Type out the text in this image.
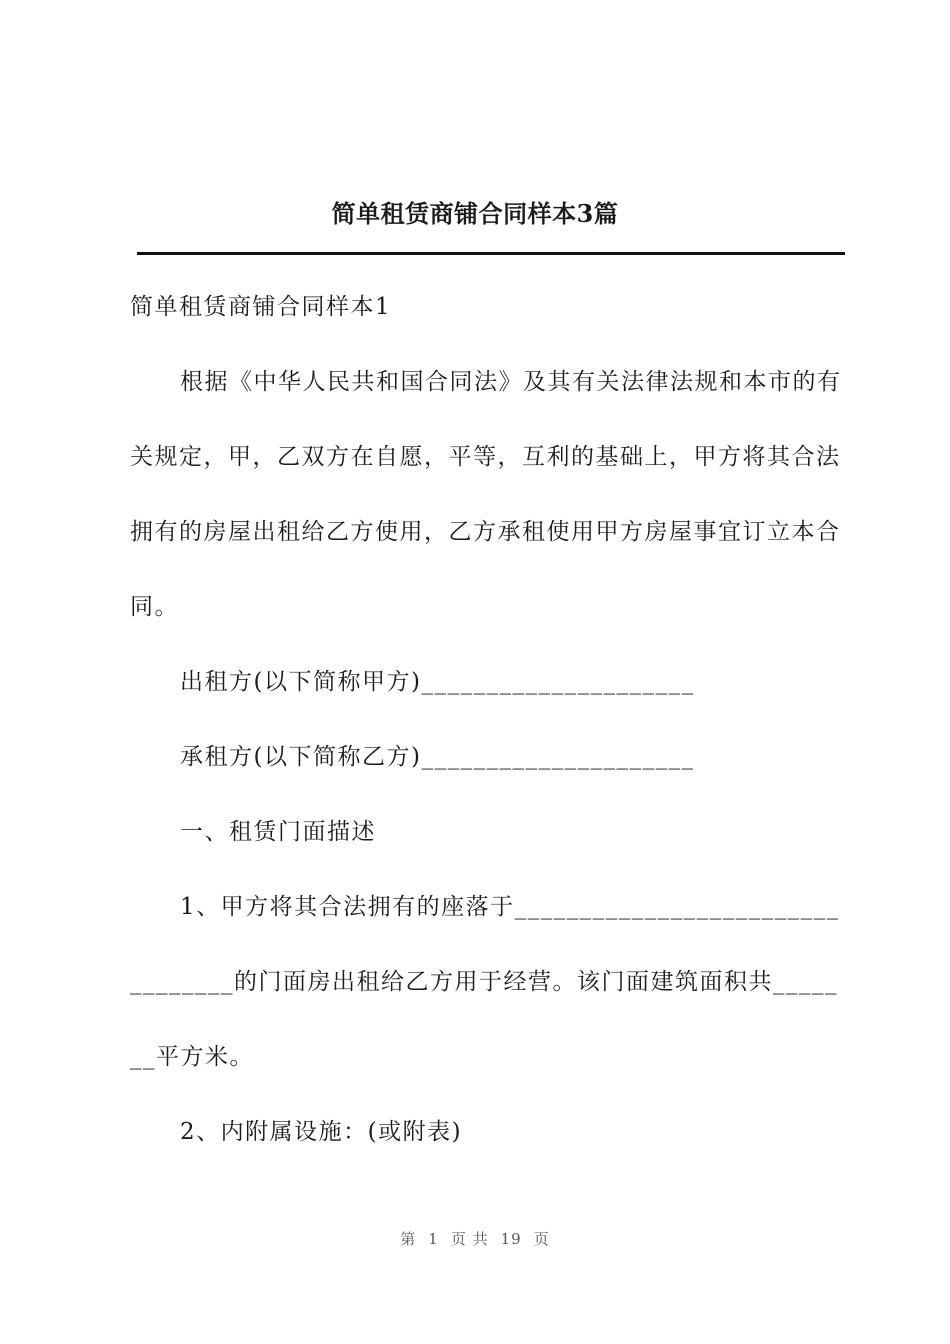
简单租赁商铺合同样本3篇

简单租赁商铺合同样本1

根据《中华人民共和国合同法》及其有关法律法规和本市的有关规定，甲，乙双方在自愿，平等，互利的基础上，甲方将其合法拥有的房屋出租给乙方使用，乙方承租使用甲方房屋事宜订立本合同。

出租方(以下简称甲方)_____________________

承租方(以下简称乙方)_____________________

一、租赁门面描述

1、甲方将其合法拥有的座落于_________________________________的门面房出租给乙方用于经营。该门面建筑面积共_______平方米。

2、内附属设施：(或附表)

第 1 页 共 19 页
